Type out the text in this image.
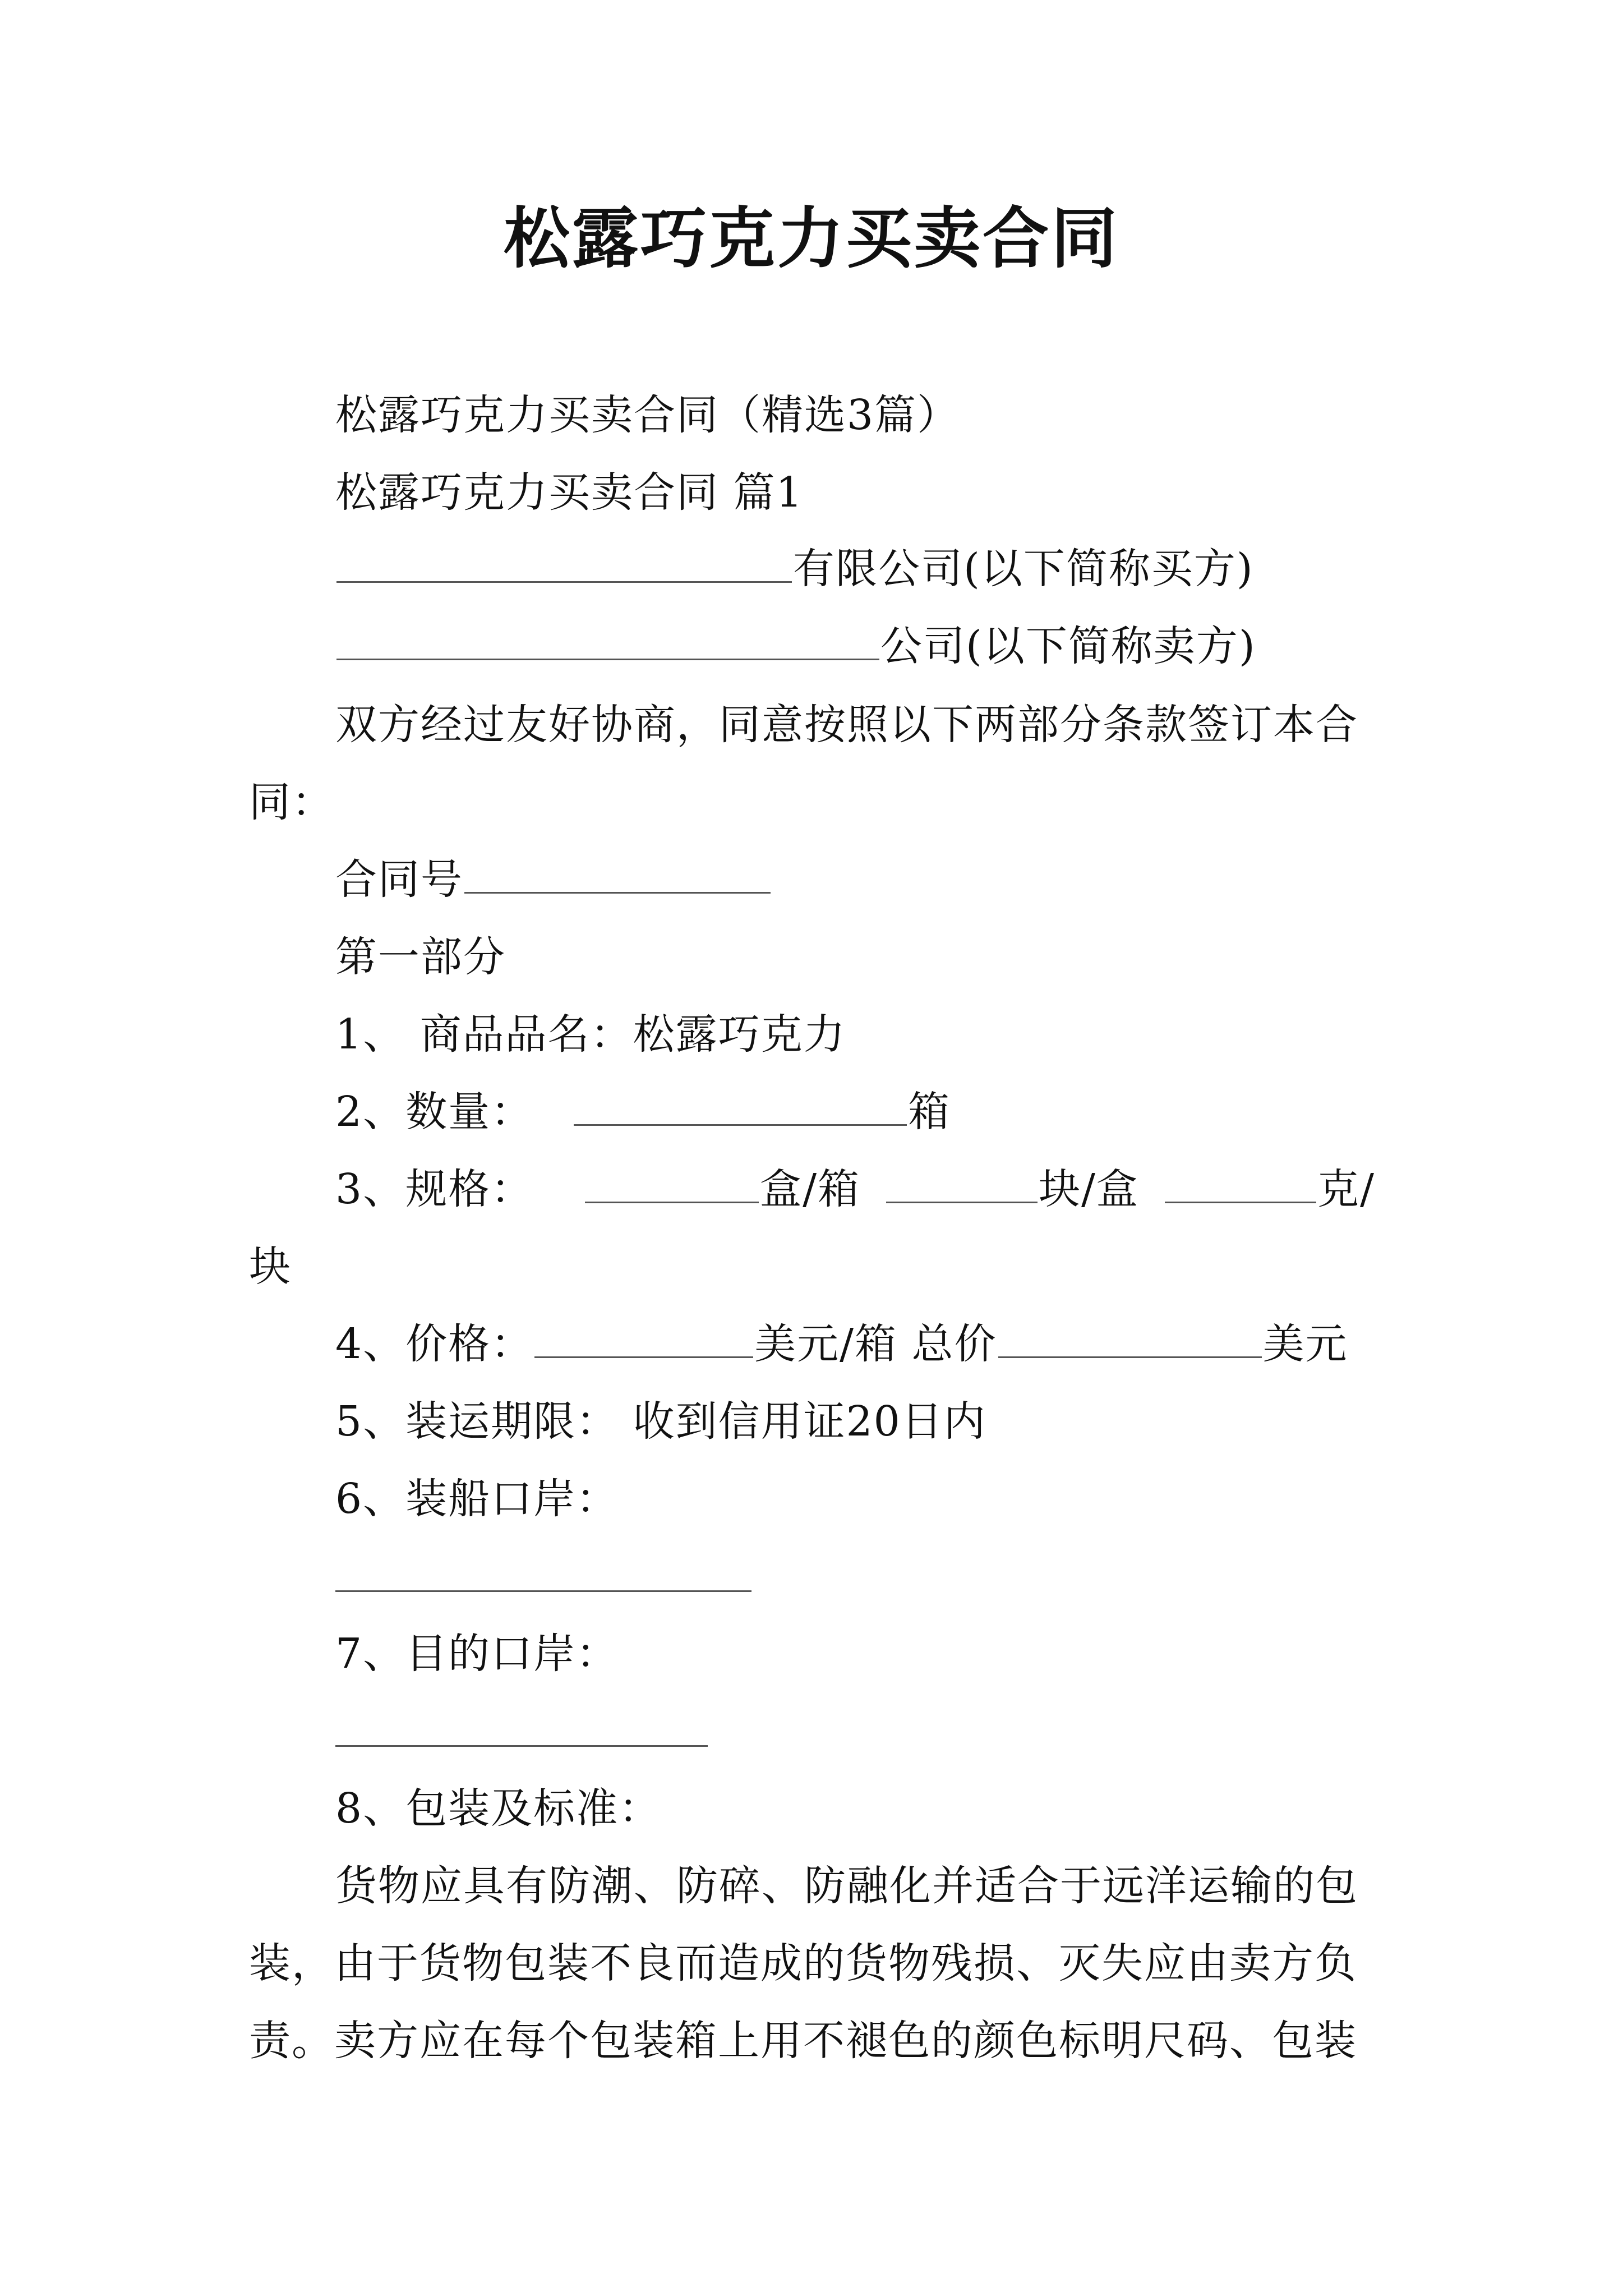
松露巧克力买卖合同
松露巧克力买卖合同（精选3篇）
松露巧克力买卖合同 篇1
有限公司(以下简称买方)
公司(以下简称卖方)
双方经过友好协商，同意按照以下两部分条款签订本合
同：
合同号
第一部分
1、 商品品名：松露巧克力
2、数量：	箱
3、规格：	盒/箱	块/盒	克/
块
4、价格：	美元/箱 总价	美元
5、装运期限： 收到信用证20日内
6、装船口岸：
7、目的口岸：
8、包装及标准：
货物应具有防潮、防碎、防融化并适合于远洋运输的包
装，由于货物包装不良而造成的货物残损、灭失应由卖方负
责。卖方应在每个包装箱上用不褪色的颜色标明尺码、包装
